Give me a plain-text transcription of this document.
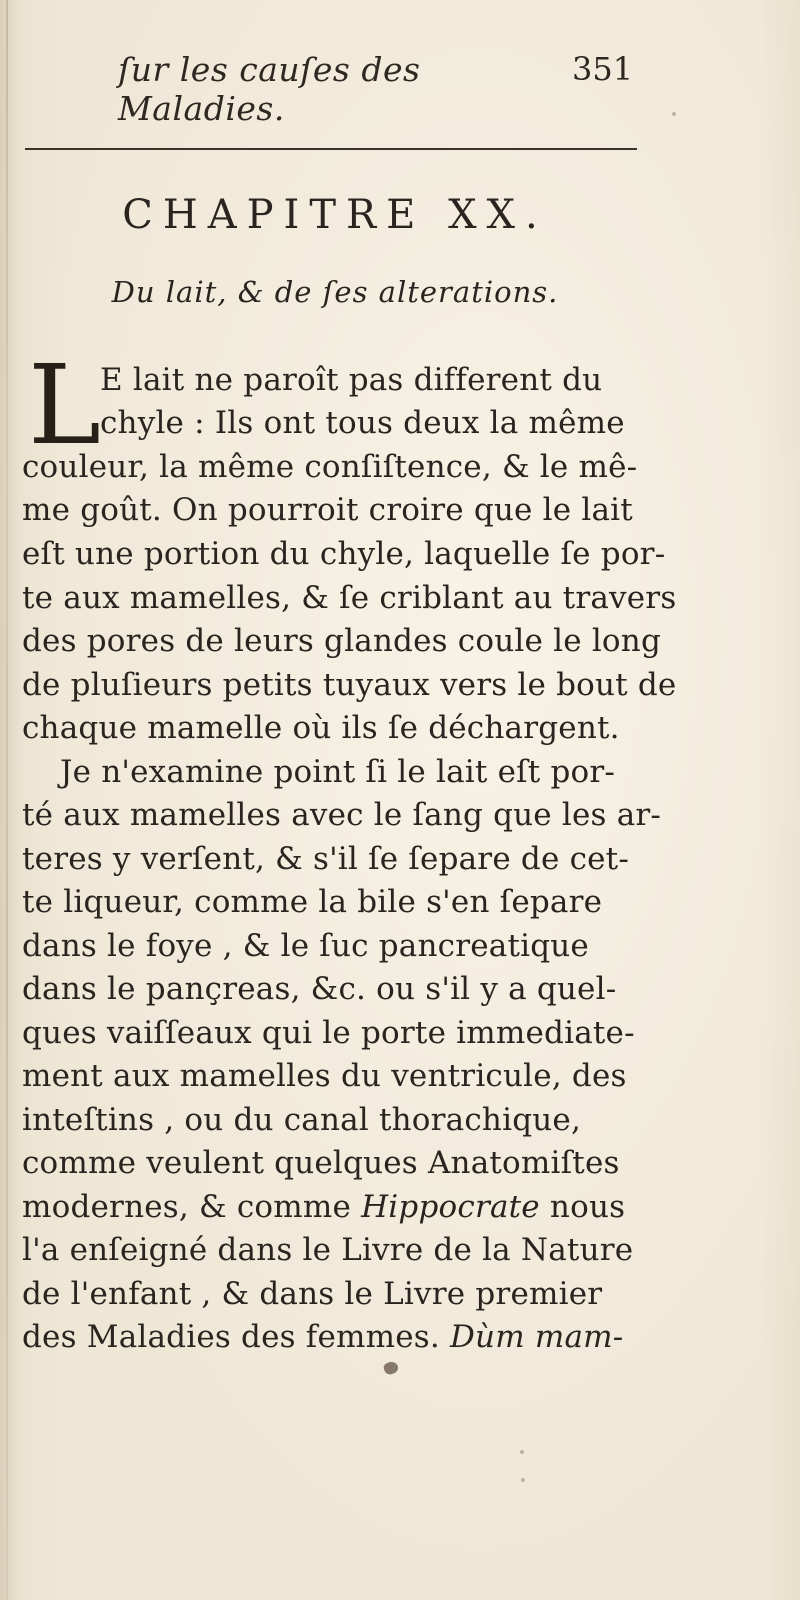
ſur les cauſes des Maladies.
351
CHAPITRE XX.
Du lait, & de ſes alterations.
L
E lait ne paroît pas different du
chyle : Ils ont tous deux la même
couleur, la même conſiſtence, & le mê-
me goût. On pourroit croire que le lait
eſt une portion du chyle, laquelle ſe por-
te aux mamelles, & ſe criblant au travers
des pores de leurs glandes coule le long
de pluſieurs petits tuyaux vers le bout de
chaque mamelle où ils ſe déchargent.
Je n'examine point ſi le lait eſt por-
té aux mamelles avec le ſang que les ar-
teres y verſent, & s'il ſe ſepare de cet-
te liqueur, comme la bile s'en ſepare
dans le foye , & le ſuc pancreatique
dans le pançreas, &c. ou s'il y a quel-
ques vaiſſeaux qui le porte immediate-
ment aux mamelles du ventricule, des
inteſtins , ou du canal thorachique,
comme veulent quelques Anatomiſtes
modernes, & comme Hippocrate nous
l'a enſeigné dans le Livre de la Nature
de l'enfant , & dans le Livre premier
des Maladies des femmes. Dùm mam-
